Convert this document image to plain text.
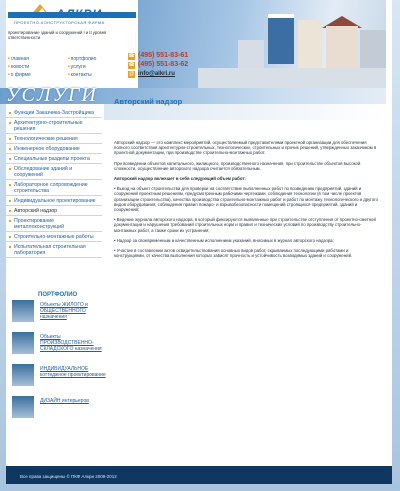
АЛКРИ
ПРОЕКТНО-КОНСТРУКТОРСКАЯ ФИРМА
проектирование зданий и сооружений I и II уровня ответственности
■ главная	■ портфолио
■ новости	■ услуги
■ о фирме	■ контакты
☎ (495) 551-83-61
☎ (495) 551-83-62
@ info@alkri.ru
УСЛУГИ Авторский надзор
Функции Заказчика-Застройщика
Архитектурно-строительные решения
Технологические решения
Инженерное оборудование
Специальные разделы проекта
Обследование зданий и сооружений
Лабораторное сопровождение строительства
Индивидуальное проектирование
Авторский надзор
Проектирование металлоконструкций
Строительно-монтажные работы
Испытательная строительная лаборатория
ПОРТФОЛИО
Объекты ЖИЛОГО и ОБЩЕСТВЕННОГО назначения
Объекты ПРОИЗВОДСТВЕННО-СКЛАДСКОГО назначения
ИНДИВИДУАЛЬНОЕ коттеджное проектирование
ДИЗАЙН интерьеров

Авторский надзор — это комплекс мероприятий, осуществляемый представителями проектной организации для обеспечения полного соответствия архитектурно-строительных, технологических, строительных и прочих решений, утвержденных заказчиком в проектной документации, при производстве строительно-монтажных работ.

При возведении объектов капитального, жилищного, производственного назначения, при строительстве объектов высокой сложности, осуществление авторского надзора считается обязательным.

Авторский надзор включает в себя следующий объем работ:

• Выезд на объект строительства для проверки на соответствие выполненных работ по возведению предприятий, зданий и сооружений проектным решениям, предусмотренным рабочими чертежами, соблюдения технологии (в том числе проектов организации строительства), качества производства строительно-монтажных работ и работ по монтажу технологического и другого видов оборудования, соблюдения правил пожаро- и взрывобезопасности помещений строящихся предприятий, зданий и сооружений;

• Ведение журнала авторского надзора, в который фиксируются выявленные при строительстве отступления от проектно-сметной документации и нарушения требований строительных норм и правил и технических условий по производству строительно-монтажных работ, а также сроки их устранения;

• Надзор за своевременным и качественным исполнением указаний, вносимых в журнал авторского надзора;

• Участие в составлении актов освидетельствования основных видов работ, скрываемых последующими работами и конструкциями, от качества выполнения которых зависят прочность и устойчивость возводимых зданий и сооружений.

Все права защищены © ПКФ Алкри 2009-2012
